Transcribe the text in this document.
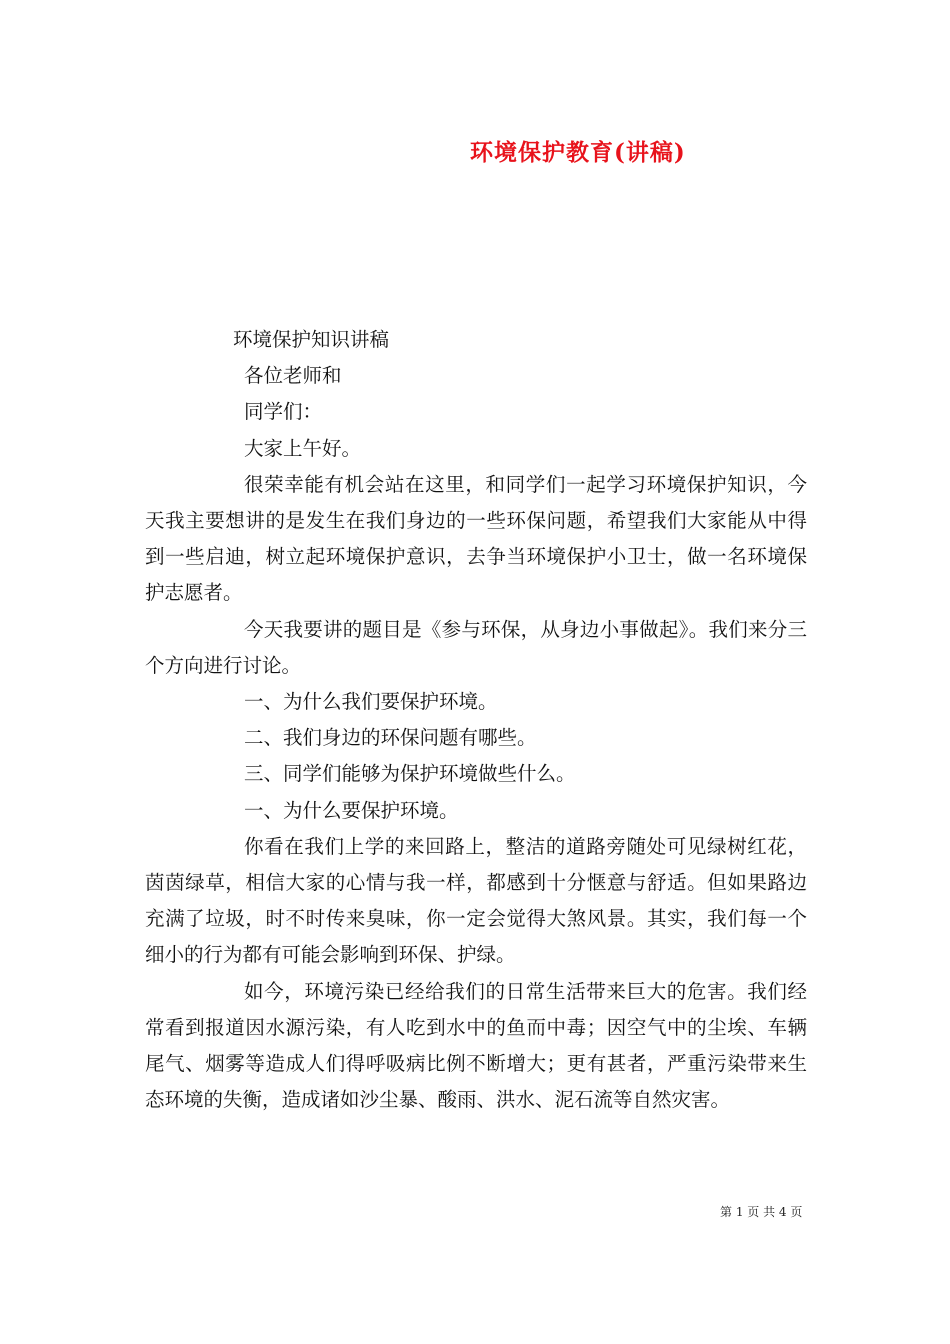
环境保护教育(讲稿)

环境保护知识讲稿

各位老师和

同学们：

大家上午好。

很荣幸能有机会站在这里，和同学们一起学习环境保护知识，今天我主要想讲的是发生在我们身边的一些环保问题，希望我们大家能从中得到一些启迪，树立起环境保护意识，去争当环境保护小卫士，做一名环境保护志愿者。

今天我要讲的题目是《参与环保，从身边小事做起》。我们来分三个方向进行讨论。

一、为什么我们要保护环境。

二、我们身边的环保问题有哪些。

三、同学们能够为保护环境做些什么。

一、为什么要保护环境。

你看在我们上学的来回路上，整洁的道路旁随处可见绿树红花，茵茵绿草，相信大家的心情与我一样，都感到十分惬意与舒适。但如果路边充满了垃圾，时不时传来臭味，你一定会觉得大煞风景。其实，我们每一个细小的行为都有可能会影响到环保、护绿。

如今，环境污染已经给我们的日常生活带来巨大的危害。我们经常看到报道因水源污染，有人吃到水中的鱼而中毒；因空气中的尘埃、车辆尾气、烟雾等造成人们得呼吸病比例不断增大；更有甚者，严重污染带来生态环境的失衡，造成诸如沙尘暴、酸雨、洪水、泥石流等自然灾害。

第 1 页 共 4 页
